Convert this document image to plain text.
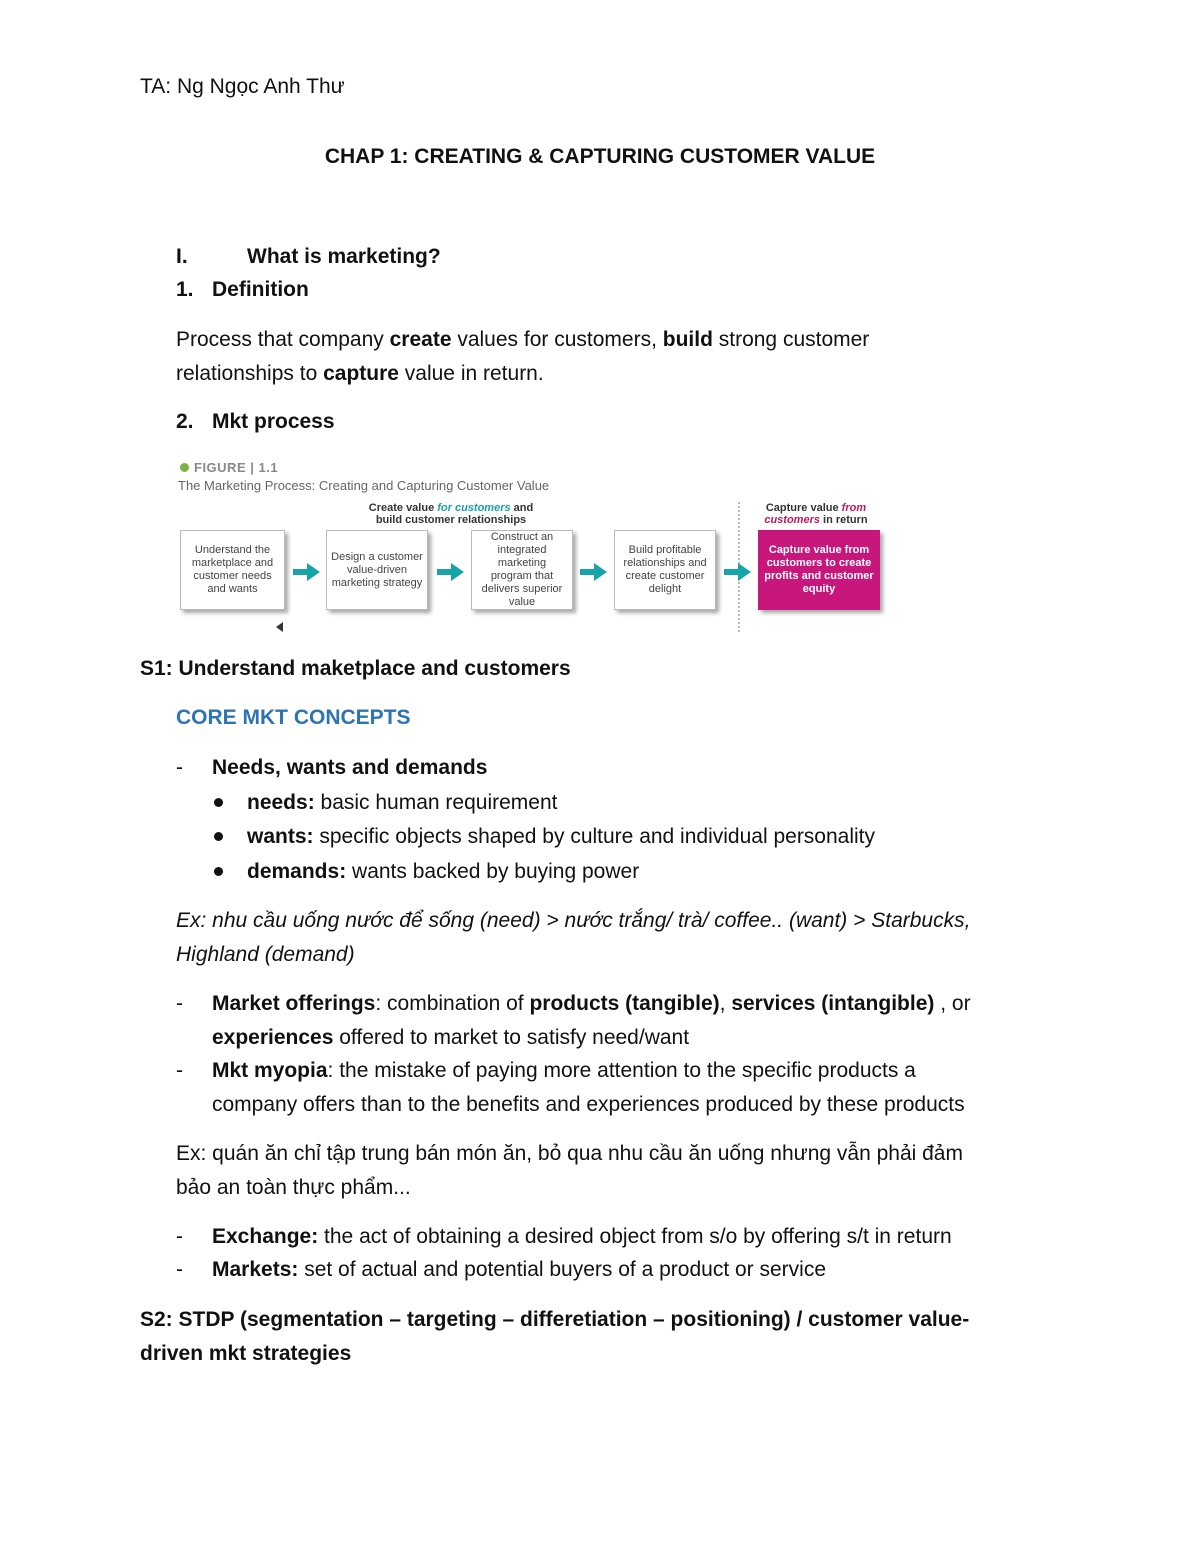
TA: Ng Ngọc Anh Thư
CHAP 1: CREATING & CAPTURING CUSTOMER VALUE
I.	What is marketing?
1. Definition
Process that company create values for customers, build strong customer
relationships to capture value in return.
2. Mkt process
FIGURE | 1.1
The Marketing Process: Creating and Capturing Customer Value
Create value for customers and
build customer relationships
Capture value from
customers in return
Understand the marketplace and customer needs and wants
Design a customer value-driven marketing strategy
Construct an integrated marketing program that delivers superior value
Build profitable relationships and create customer delight
Capture value from customers to create profits and customer equity
S1: Understand maketplace and customers
CORE MKT CONCEPTS
- Needs, wants and demands
needs: basic human requirement
wants: specific objects shaped by culture and individual personality
demands: wants backed by buying power
Ex: nhu cầu uống nước để sống (need) > nước trắng/ trà/ coffee.. (want) > Starbucks,
Highland (demand)
- Market offerings: combination of products (tangible), services (intangible) , or
experiences offered to market to satisfy need/want
- Mkt myopia: the mistake of paying more attention to the specific products a
company offers than to the benefits and experiences produced by these products
Ex: quán ăn chỉ tập trung bán món ăn, bỏ qua nhu cầu ăn uống nhưng vẫn phải đảm
bảo an toàn thực phẩm...
- Exchange: the act of obtaining a desired object from s/o by offering s/t in return
- Markets: set of actual and potential buyers of a product or service
S2: STDP (segmentation – targeting – differetiation – positioning) / customer value-
driven mkt strategies
